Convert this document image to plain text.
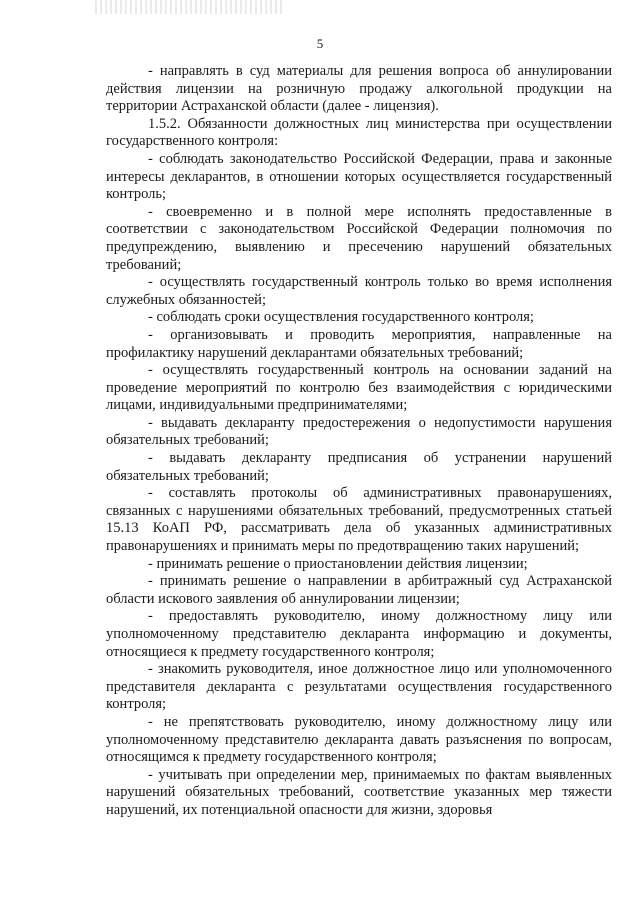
5

- направлять в суд материалы для решения вопроса об аннулировании действия лицензии на розничную продажу алкогольной продукции на территории Астраханской области (далее - лицензия).

1.5.2. Обязанности должностных лиц министерства при осуществлении государственного контроля:

- соблюдать законодательство Российской Федерации, права и законные интересы декларантов, в отношении которых осуществляется государственный контроль;

- своевременно и в полной мере исполнять предоставленные в соответствии с законодательством Российской Федерации полномочия по предупреждению, выявлению и пресечению нарушений обязательных требований;

- осуществлять государственный контроль только во время исполнения служебных обязанностей;

- соблюдать сроки осуществления государственного контроля;

- организовывать и проводить мероприятия, направленные на профилактику нарушений декларантами обязательных требований;

- осуществлять государственный контроль на основании заданий на проведение мероприятий по контролю без взаимодействия с юридическими лицами, индивидуальными предпринимателями;

- выдавать декларанту предостережения о недопустимости нарушения обязательных требований;

- выдавать декларанту предписания об устранении нарушений обязательных требований;

- составлять протоколы об административных правонарушениях, связанных с нарушениями обязательных требований, предусмотренных статьей 15.13 КоАП РФ, рассматривать дела об указанных административных правонарушениях и принимать меры по предотвращению таких нарушений;

- принимать решение о приостановлении действия лицензии;

- принимать решение о направлении в арбитражный суд Астраханской области искового заявления об аннулировании лицензии;

- предоставлять руководителю, иному должностному лицу или уполномоченному представителю декларанта информацию и документы, относящиеся к предмету государственного контроля;

- знакомить руководителя, иное должностное лицо или уполномоченного представителя декларанта с результатами осуществления государственного контроля;

- не препятствовать руководителю, иному должностному лицу или уполномоченному представителю декларанта давать разъяснения по вопросам, относящимся к предмету государственного контроля;

- учитывать при определении мер, принимаемых по фактам выявленных нарушений обязательных требований, соответствие указанных мер тяжести нарушений, их потенциальной опасности для жизни, здоровья
